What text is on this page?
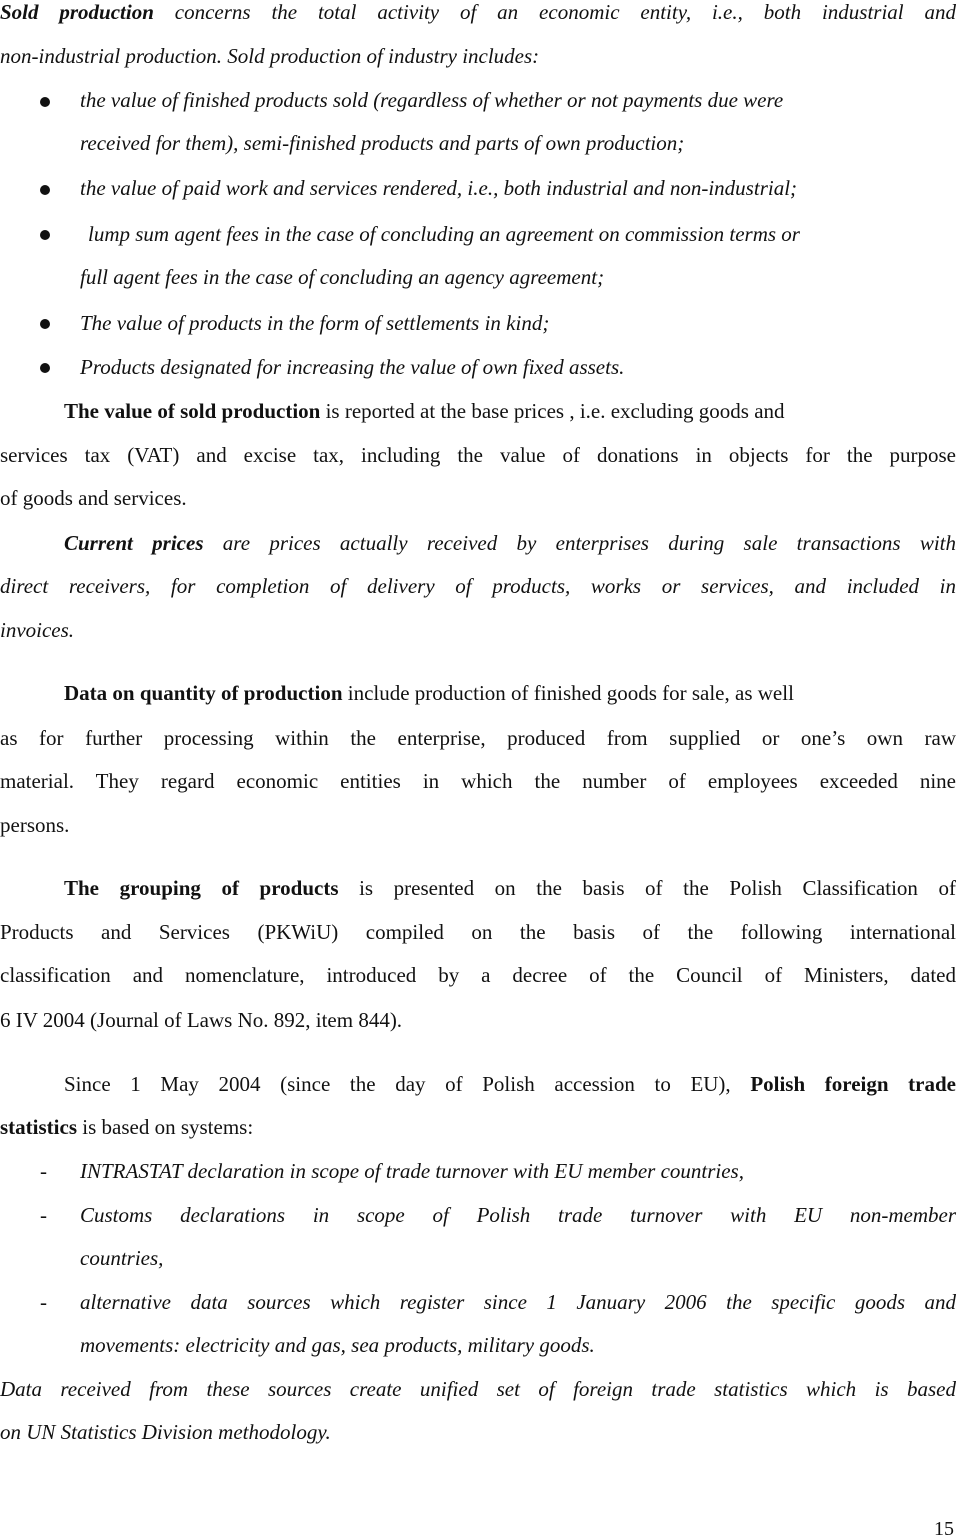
Sold production concerns the total activity of an economic entity, i.e., both industrial and
non-industrial production. Sold production of industry includes:
the value of finished products sold (regardless of whether or not payments due were
received for them), semi-finished products and parts of own production;
the value of paid work and services rendered, i.e., both industrial and non-industrial;
lump sum agent fees in the case of concluding an agreement on commission terms or
full agent fees in the case of concluding an agency agreement;
The value of products in the form of settlements in kind;
Products designated for increasing the value of own fixed assets.
The value of sold production is reported at the base prices , i.e. excluding goods and
services tax (VAT) and excise tax, including the value of donations in objects for the purpose
of goods and services.
Current prices are prices actually received by enterprises during sale transactions with
direct receivers, for completion of delivery of products, works or services, and included in
invoices.
Data on quantity of production include production of finished goods for sale, as well
as for further processing within the enterprise, produced from supplied or one’s own raw
material. They regard economic entities in which the number of employees exceeded nine
persons.
The grouping of products is presented on the basis of the Polish Classification of
Products and Services (PKWiU) compiled on the basis of the following international
classification and nomenclature, introduced by a decree of the Council of Ministers, dated
6 IV 2004 (Journal of Laws No. 892, item 844).
Since 1 May 2004 (since the day of Polish accession to EU), Polish foreign trade
statistics is based on systems:
- INTRASTAT declaration in scope of trade turnover with EU member countries,
- Customs declarations in scope of Polish trade turnover with EU non-member
countries,
- alternative data sources which register since 1 January 2006 the specific goods and
movements: electricity and gas, sea products, military goods.
Data received from these sources create unified set of foreign trade statistics which is based
on UN Statistics Division methodology.
15
